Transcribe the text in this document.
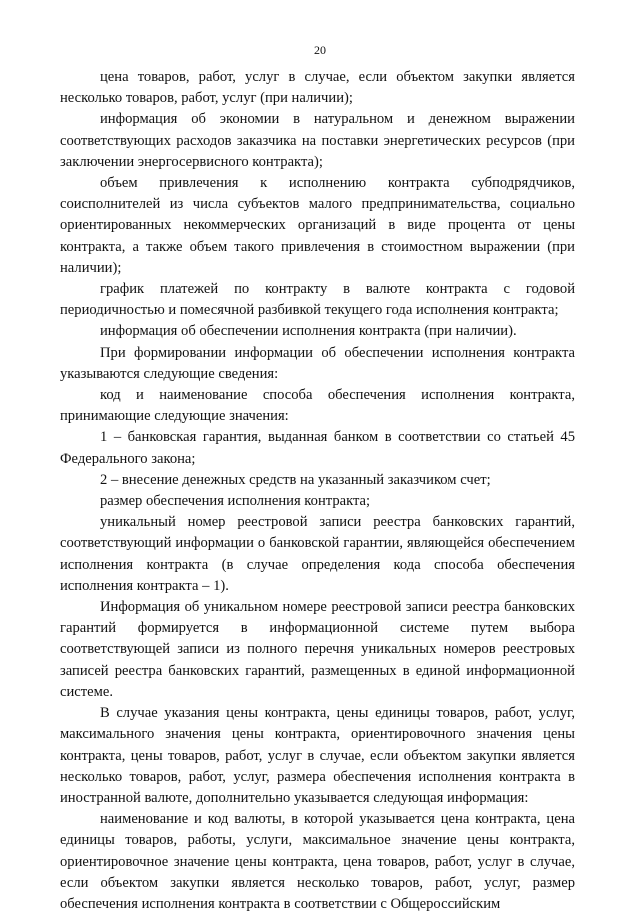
20

цена товаров, работ, услуг в случае, если объектом закупки является несколько товаров, работ, услуг (при наличии);

информация об экономии в натуральном и денежном выражении соответствующих расходов заказчика на поставки энергетических ресурсов (при заключении энергосервисного контракта);

объем привлечения к исполнению контракта субподрядчиков, соисполнителей из числа субъектов малого предпринимательства, социально ориентированных некоммерческих организаций в виде процента от цены контракта, а также объем такого привлечения в стоимостном выражении (при наличии);

график платежей по контракту в валюте контракта с годовой периодичностью и помесячной разбивкой текущего года исполнения контракта;

информация об обеспечении исполнения контракта (при наличии).

При формировании информации об обеспечении исполнения контракта указываются следующие сведения:

код и наименование способа обеспечения исполнения контракта, принимающие следующие значения:

1 – банковская гарантия, выданная банком в соответствии со статьей 45 Федерального закона;

2 – внесение денежных средств на указанный заказчиком счет;

размер обеспечения исполнения контракта;

уникальный номер реестровой записи реестра банковских гарантий, соответствующий информации о банковской гарантии, являющейся обеспечением исполнения контракта (в случае определения кода способа обеспечения исполнения контракта – 1).

Информация об уникальном номере реестровой записи реестра банковских гарантий формируется в информационной системе путем выбора соответствующей записи из полного перечня уникальных номеров реестровых записей реестра банковских гарантий, размещенных в единой информационной системе.

В случае указания цены контракта, цены единицы товаров, работ, услуг, максимального значения цены контракта, ориентировочного значения цены контракта, цены товаров, работ, услуг в случае, если объектом закупки является несколько товаров, работ, услуг, размера обеспечения исполнения контракта в иностранной валюте, дополнительно указывается следующая информация:

наименование и код валюты, в которой указывается цена контракта, цена единицы товаров, работы, услуги, максимальное значение цены контракта, ориентировочное значение цены контракта, цена товаров, работ, услуг в случае, если объектом закупки является несколько товаров, работ, услуг, размер обеспечения исполнения контракта в соответствии с Общероссийским
